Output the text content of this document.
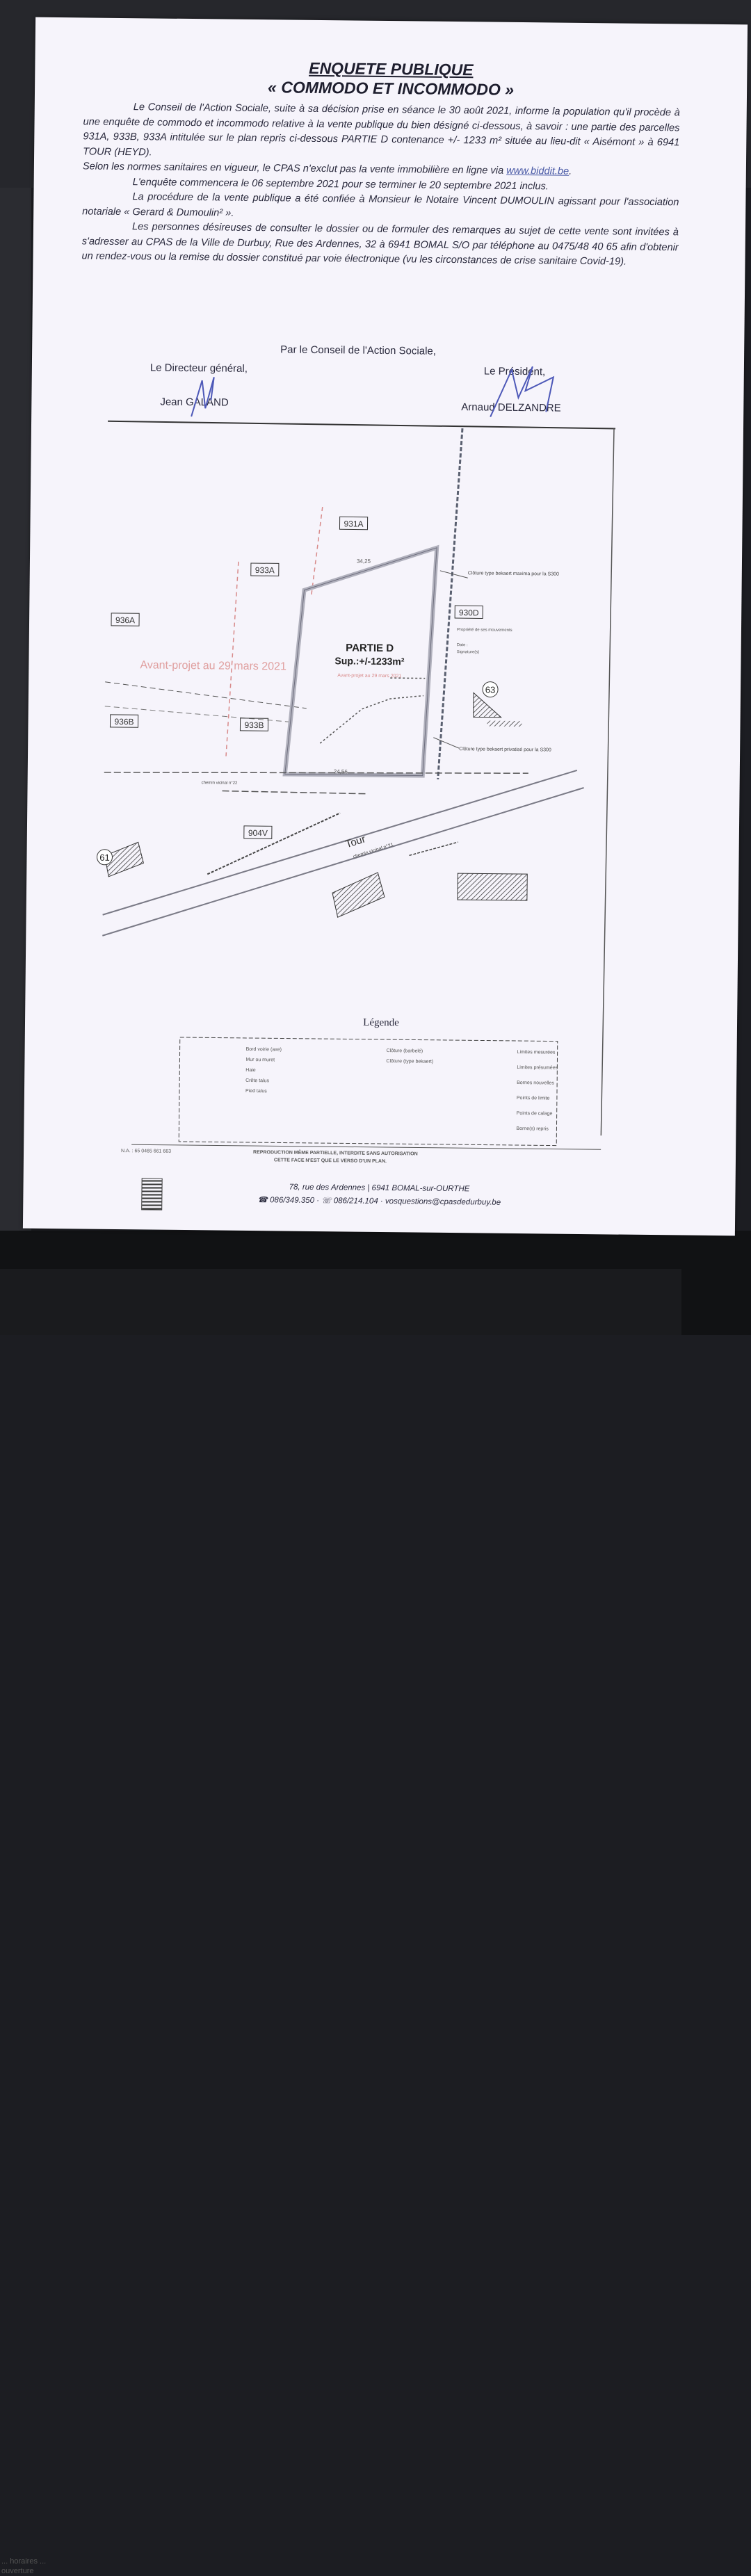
... horaires ... ouverture
ENQUETE PUBLIQUE
« COMMODO ET INCOMMODO »

Le Conseil de l'Action Sociale, suite à sa décision prise en séance le 30 août 2021, informe la population qu'il procède à une enquête de commodo et incommodo relative à la vente publique du bien désigné ci-dessous, à savoir : une partie des parcelles 931A, 933B, 933A intitulée sur le plan repris ci-dessous PARTIE D contenance +/- 1233 m² située au lieu-dit « Aisémont » à 6941 TOUR (HEYD).

Selon les normes sanitaires en vigueur, le CPAS n'exclut pas la vente immobilière en ligne via www.biddit.be.

L'enquête commencera le 06 septembre 2021 pour se terminer le 20 septembre 2021 inclus.

La procédure de la vente publique a été confiée à Monsieur le Notaire Vincent DUMOULIN agissant pour l'association notariale « Gerard & Dumoulin² ».

Les personnes désireuses de consulter le dossier ou de formuler des remarques au sujet de cette vente sont invitées à s'adresser au CPAS de la Ville de Durbuy, Rue des Ardennes, 32 à 6941 BOMAL S/O par téléphone au 0475/48 40 65 afin d'obtenir un rendez-vous ou la remise du dossier constitué par voie électronique (vu les circonstances de crise sanitaire Covid-19).

Par le Conseil de l'Action Sociale,
Le Directeur général,
Jean GALAND
Le Président,
Arnaud DELZANDRE
63
61
931A
933A
930D
936A
936B	933B
904V
PARTIE D
Sup.:+/-1233m²
Avant-projet au 29 mars 2021
Avant-projet au 29 mars 2021
24,56
34,25
Clôture type bekaert maxima pour la S300
Clôture type bekaert privatisé pour la S300
Propriété de ses mouvements
Date :
Signature(s)
chemin vicinal n°22
Tour
chemin vicinal n°21
Légende
Bord voirie (axe)
Mur ou muret
Haie
Crête talus
Pied talus
Clôture (barbelé)
Clôture (type bekaert)
Limites mesurées
Limites présumées
Bornes nouvelles
Points de limite
Points de calage
Borne(s) repris
N.A. : 65 0465 661 663	REPRODUCTION MÊME PARTIELLE, INTERDITE SANS AUTORISATION
CETTE FACE N'EST QUE LE VERSO D'UN PLAN.
78, rue des Ardennes | 6941 BOMAL-sur-OURTHE
☎ 086/349.350 · ☏ 086/214.104 · vosquestions@cpasdedurbuy.be
